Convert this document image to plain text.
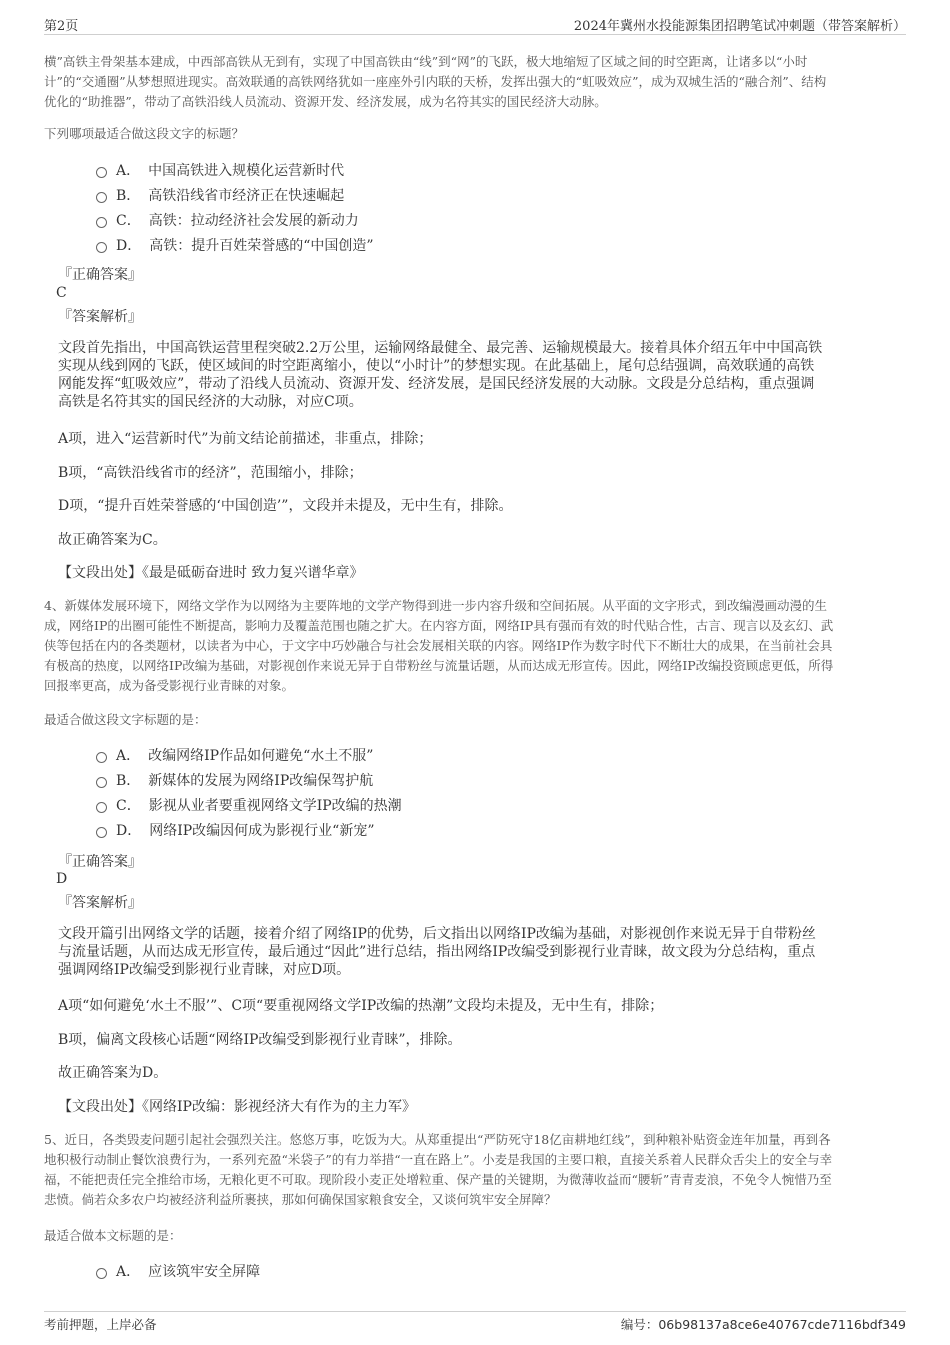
第2页	2024年冀州水投能源集团招聘笔试冲刺题（带答案解析）
横”高铁主骨架基本建成，中西部高铁从无到有，实现了中国高铁由“线”到“网”的飞跃，极大地缩短了区域之间的时空距离，让诸多以“小时
计”的“交通圈”从梦想照进现实。高效联通的高铁网络犹如一座座外引内联的天桥，发挥出强大的“虹吸效应”，成为双城生活的“融合剂”、结构
优化的“助推器”，带动了高铁沿线人员流动、资源开发、经济发展，成为名符其实的国民经济大动脉。
下列哪项最适合做这段文字的标题？
A． 中国高铁进入规模化运营新时代
B． 高铁沿线省市经济正在快速崛起
C． 高铁：拉动经济社会发展的新动力
D． 高铁：提升百姓荣誉感的“中国创造”
『正确答案』
C
『答案解析』
文段首先指出，中国高铁运营里程突破2.2万公里，运输网络最健全、最完善、运输规模最大。接着具体介绍五年中中国高铁
实现从线到网的飞跃，使区域间的时空距离缩小，使以“小时计”的梦想实现。在此基础上，尾句总结强调，高效联通的高铁
网能发挥“虹吸效应”，带动了沿线人员流动、资源开发、经济发展，是国民经济发展的大动脉。文段是分总结构，重点强调
高铁是名符其实的国民经济的大动脉，对应C项。
A项，进入“运营新时代”为前文结论前描述，非重点，排除；
B项，“高铁沿线省市的经济”，范围缩小，排除；
D项，“提升百姓荣誉感的‘中国创造’”，文段并未提及，无中生有，排除。
故正确答案为C。
【文段出处】《最是砥砺奋进时 致力复兴谱华章》
4、新媒体发展环境下，网络文学作为以网络为主要阵地的文学产物得到进一步内容升级和空间拓展。从平面的文字形式，到改编漫画动漫的生
成，网络IP的出圈可能性不断提高，影响力及覆盖范围也随之扩大。在内容方面，网络IP具有强而有效的时代贴合性，古言、现言以及玄幻、武
侠等包括在内的各类题材，以读者为中心，于文字中巧妙融合与社会发展相关联的内容。网络IP作为数字时代下不断壮大的成果，在当前社会具
有极高的热度，以网络IP改编为基础，对影视创作来说无异于自带粉丝与流量话题，从而达成无形宣传。因此，网络IP改编投资顾虑更低，所得
回报率更高，成为备受影视行业青睐的对象。
最适合做这段文字标题的是：
A． 改编网络IP作品如何避免“水土不服”
B． 新媒体的发展为网络IP改编保驾护航
C． 影视从业者要重视网络文学IP改编的热潮
D． 网络IP改编因何成为影视行业“新宠”
『正确答案』
D
『答案解析』
文段开篇引出网络文学的话题，接着介绍了网络IP的优势，后文指出以网络IP改编为基础，对影视创作来说无异于自带粉丝
与流量话题，从而达成无形宣传，最后通过“因此”进行总结，指出网络IP改编受到影视行业青睐，故文段为分总结构，重点
强调网络IP改编受到影视行业青睐，对应D项。
A项“如何避免‘水土不服’”、C项“要重视网络文学IP改编的热潮”文段均未提及，无中生有，排除；
B项，偏离文段核心话题“网络IP改编受到影视行业青睐”，排除。
故正确答案为D。
【文段出处】《网络IP改编：影视经济大有作为的主力军》
5、近日，各类毁麦问题引起社会强烈关注。悠悠万事，吃饭为大。从郑重提出“严防死守18亿亩耕地红线”，到种粮补贴资金连年加量，再到各
地积极行动制止餐饮浪费行为，一系列充盈“米袋子”的有力举措“一直在路上”。小麦是我国的主要口粮，直接关系着人民群众舌尖上的安全与幸
福，不能把责任完全推给市场，无粮化更不可取。现阶段小麦正处增粒重、保产量的关键期，为微薄收益而“腰斩”青青麦浪，不免令人惋惜乃至
悲愤。倘若众多农户均被经济利益所裹挟，那如何确保国家粮食安全，又谈何筑牢安全屏障？
最适合做本文标题的是：
A． 应该筑牢安全屏障
考前押题，上岸必备	编号：06b98137a8ce6e40767cde7116bdf349
